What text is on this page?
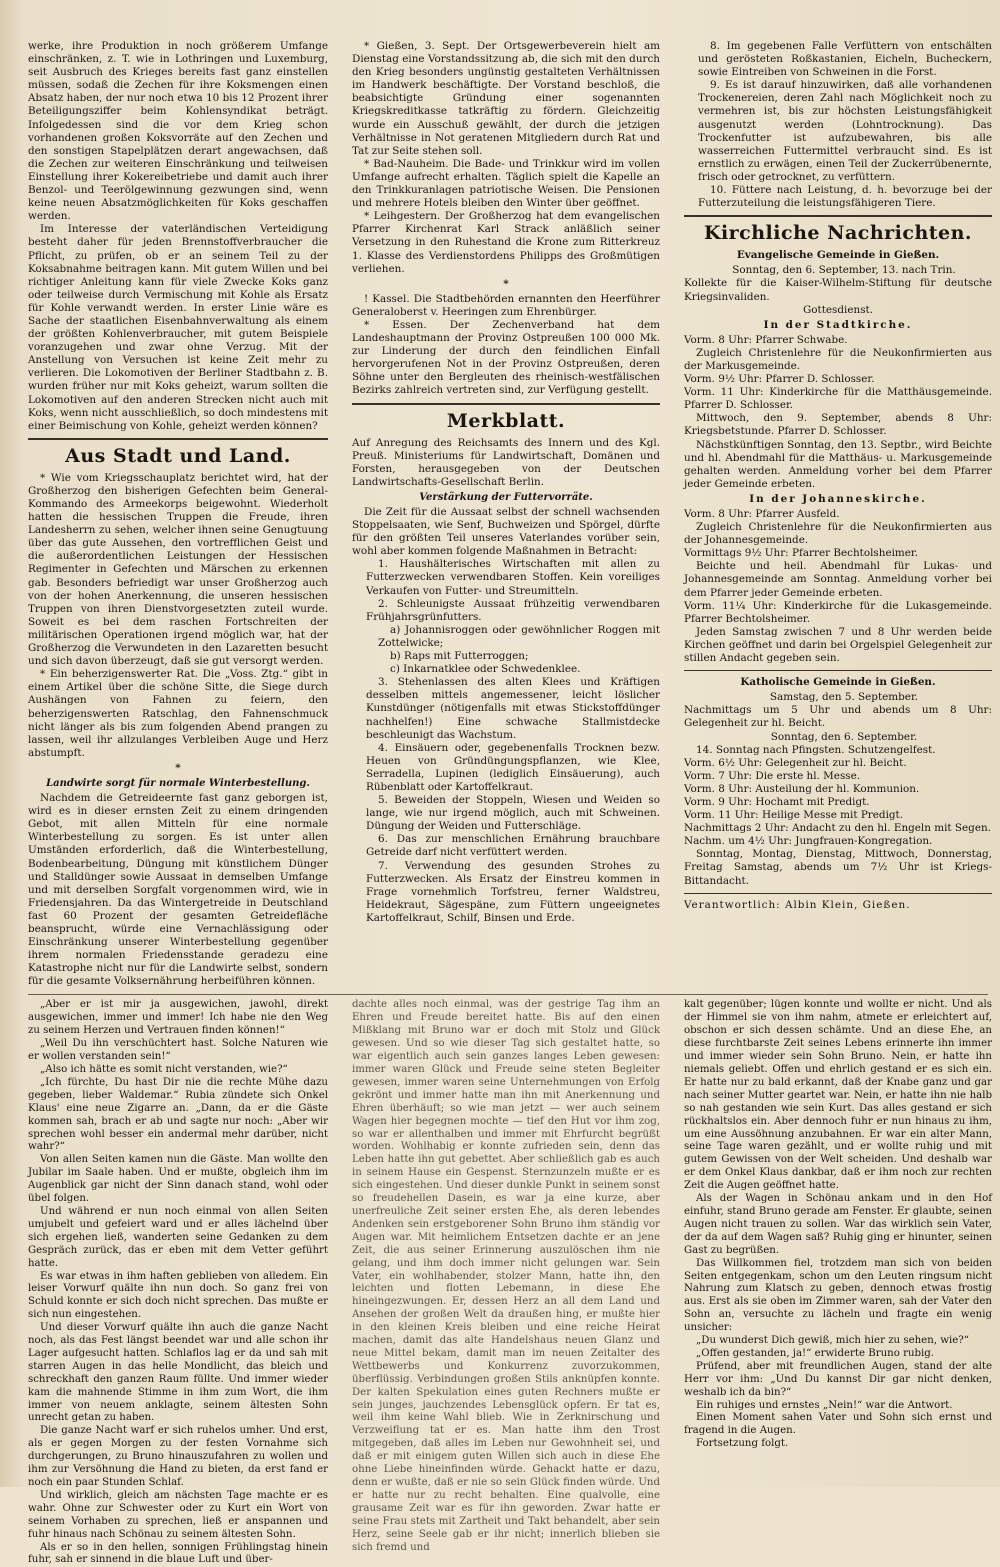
werke, ihre Produktion in noch größerem Umfange einschränken, z. T. wie in Lothringen und Luxemburg, seit Ausbruch des Krieges bereits fast ganz einstellen müssen, sodaß die Zechen für ihre Koksmengen einen Absatz haben, der nur noch etwa 10 bis 12 Prozent ihrer Beteiligungsziffer beim Kohlensyndikat beträgt. Infolgedessen sind die vor dem Krieg schon vorhandenen großen Koksvorräte auf den Zechen und den sonstigen Stapelplätzen derart angewachsen, daß die Zechen zur weiteren Einschränkung und teilweisen Einstellung ihrer Kokereibetriebe und damit auch ihrer Benzol- und Teerölgewinnung gezwungen sind, wenn keine neuen Absatzmöglichkeiten für Koks geschaffen werden.

Im Interesse der vaterländischen Verteidigung besteht daher für jeden Brennstoffverbraucher die Pflicht, zu prüfen, ob er an seinem Teil zu der Koksabnahme beitragen kann. Mit gutem Willen und bei richtiger Anleitung kann für viele Zwecke Koks ganz oder teilweise durch Vermischung mit Kohle als Ersatz für Kohle verwandt werden. In erster Linie wäre es Sache der staatlichen Eisenbahnverwaltung als einem der größten Kohlenverbraucher, mit gutem Beispiele voranzugehen und zwar ohne Verzug. Mit der Anstellung von Versuchen ist keine Zeit mehr zu verlieren. Die Lokomotiven der Berliner Stadtbahn z. B. wurden früher nur mit Koks geheizt, warum sollten die Lokomotiven auf den anderen Strecken nicht auch mit Koks, wenn nicht ausschließlich, so doch mindestens mit einer Beimischung von Kohle, geheizt werden können?

Aus Stadt und Land.

* Wie vom Kriegsschauplatz berichtet wird, hat der Großherzog den bisherigen Gefechten beim General-Kommando des Armeekorps beigewohnt. Wiederholt hatten die hessischen Truppen die Freude, ihren Landesherrn zu sehen, welcher ihnen seine Genugtuung über das gute Aussehen, den vortrefflichen Geist und die außerordentlichen Leistungen der Hessischen Regimenter in Gefechten und Märschen zu erkennen gab. Besonders befriedigt war unser Großherzog auch von der hohen Anerkennung, die unseren hessischen Truppen von ihren Dienstvorgesetzten zuteil wurde. Soweit es bei dem raschen Fortschreiten der militärischen Operationen irgend möglich war, hat der Großherzog die Verwundeten in den Lazaretten besucht und sich davon überzeugt, daß sie gut versorgt werden.

* Ein beherzigenswerter Rat. Die „Voss. Ztg.“ gibt in einem Artikel über die schöne Sitte, die Siege durch Aushängen von Fahnen zu feiern, den beherzigenswerten Ratschlag, den Fahnenschmuck nicht länger als bis zum folgenden Abend prangen zu lassen, weil ihr allzulanges Verbleiben Auge und Herz abstumpft.

*
Landwirte sorgt für normale Winterbestellung.

Nachdem die Getreideernte fast ganz geborgen ist, wird es in dieser ernsten Zeit zu einem dringenden Gebot, mit allen Mitteln für eine normale Winterbestellung zu sorgen. Es ist unter allen Umständen erforderlich, daß die Winterbestellung, Bodenbearbeitung, Düngung mit künstlichem Dünger und Stalldünger sowie Aussaat in demselben Umfange und mit derselben Sorgfalt vorgenommen wird, wie in Friedensjahren. Da das Wintergetreide in Deutschland fast 60 Prozent der gesamten Getreidefläche beansprucht, würde eine Vernachlässigung oder Einschränkung unserer Winterbestellung gegenüber ihrem normalen Friedensstande geradezu eine Katastrophe nicht nur für die Landwirte selbst, sondern für die gesamte Volksernährung herbeiführen können.

* Gießen, 3. Sept. Der Ortsgewerbeverein hielt am Dienstag eine Vorstandssitzung ab, die sich mit den durch den Krieg besonders ungünstig gestalteten Verhältnissen im Handwerk beschäftigte. Der Vorstand beschloß, die beabsichtigte Gründung einer sogenannten Kriegskreditkasse tatkräftig zu fördern. Gleichzeitig wurde ein Ausschuß gewählt, der durch die jetzigen Verhältnisse in Not geratenen Mitgliedern durch Rat und Tat zur Seite stehen soll.

* Bad-Nauheim. Die Bade- und Trinkkur wird im vollen Umfange aufrecht erhalten. Täglich spielt die Kapelle an den Trinkkuranlagen patriotische Weisen. Die Pensionen und mehrere Hotels bleiben den Winter über geöffnet.

* Leihgestern. Der Großherzog hat dem evangelischen Pfarrer Kirchenrat Karl Strack anläßlich seiner Versetzung in den Ruhestand die Krone zum Ritterkreuz 1. Klasse des Verdienstordens Philipps des Großmütigen verliehen.

*

! Kassel. Die Stadtbehörden ernannten den Heerführer Generaloberst v. Heeringen zum Ehrenbürger.

* Essen. Der Zechenverband hat dem Landeshauptmann der Provinz Ostpreußen 100 000 Mk. zur Linderung der durch den feindlichen Einfall hervorgerufenen Not in der Provinz Ostpreußen, deren Söhne unter den Bergleuten des rheinisch-westfälischen Bezirks zahlreich vertreten sind, zur Verfügung gestellt.

Merkblatt.

Auf Anregung des Reichsamts des Innern und des Kgl. Preuß. Ministeriums für Landwirtschaft, Domänen und Forsten, herausgegeben von der Deutschen Landwirtschafts-Gesellschaft Berlin.

Verstärkung der Futtervorräte.

Die Zeit für die Aussaat selbst der schnell wachsenden Stoppelsaaten, wie Senf, Buchweizen und Spörgel, dürfte für den größten Teil unseres Vaterlandes vorüber sein, wohl aber kommen folgende Maßnahmen in Betracht:

1. Haushälterisches Wirtschaften mit allen zu Futterzwecken verwendbaren Stoffen. Kein voreiliges Verkaufen von Futter- und Streumitteln.

2. Schleunigste Aussaat frühzeitig verwendbaren Frühjahrsgrünfutters.

a) Johannisroggen oder gewöhnlicher Roggen mit Zottelwicke;

b) Raps mit Futterroggen;

c) Inkarnatklee oder Schwedenklee.

3. Stehenlassen des alten Klees und Kräftigen desselben mittels angemessener, leicht löslicher Kunstdünger (nötigenfalls mit etwas Stickstoffdünger nachhelfen!) Eine schwache Stallmistdecke beschleunigt das Wachstum.

4. Einsäuern oder, gegebenenfalls Trocknen bezw. Heuen von Gründüngungspflanzen, wie Klee, Serradella, Lupinen (lediglich Einsäuerung), auch Rübenblatt oder Kartoffelkraut.

5. Beweiden der Stoppeln, Wiesen und Weiden so lange, wie nur irgend möglich, auch mit Schweinen. Düngung der Weiden und Futterschläge.

6. Das zur menschlichen Ernährung brauchbare Getreide darf nicht verfüttert werden.

7. Verwendung des gesunden Strohes zu Futterzwecken. Als Ersatz der Einstreu kommen in Frage vornehmlich Torfstreu, ferner Waldstreu, Heidekraut, Sägespäne, zum Füttern ungeeignetes Kartoffelkraut, Schilf, Binsen und Erde.

8. Im gegebenen Falle Verfüttern von entschälten und gerösteten Roßkastanien, Eicheln, Bucheckern, sowie Eintreiben von Schweinen in die Forst.

9. Es ist darauf hinzuwirken, daß alle vorhandenen Trockenereien, deren Zahl nach Möglichkeit noch zu vermehren ist, bis zur höchsten Leistungsfähigkeit ausgenutzt werden (Lohntrocknung). Das Trockenfutter ist aufzubewahren, bis alle wasserreichen Futtermittel verbraucht sind. Es ist ernstlich zu erwägen, einen Teil der Zuckerrübenernte, frisch oder getrocknet, zu verfüttern.

10. Füttere nach Leistung, d. h. bevorzuge bei der Futterzuteilung die leistungsfähigeren Tiere.

Kirchliche Nachrichten.
Evangelische Gemeinde in Gießen.

Sonntag, den 6. September, 13. nach Trin.

Kollekte für die Kaiser-Wilhelm-Stiftung für deutsche Kriegsinvaliden.

Gottesdienst.
In der Stadtkirche.

Vorm. 8 Uhr: Pfarrer Schwabe.

Zugleich Christenlehre für die Neukonfirmierten aus der Markusgemeinde.

Vorm. 9½ Uhr: Pfarrer D. Schlosser.

Vorm. 11 Uhr: Kinderkirche für die Matthäusgemeinde. Pfarrer D. Schlosser.

Mittwoch, den 9. September, abends 8 Uhr: Kriegsbetstunde. Pfarrer D. Schlosser.

Nächstkünftigen Sonntag, den 13. Septbr., wird Beichte und hl. Abendmahl für die Matthäus- u. Markusgemeinde gehalten werden. Anmeldung vorher bei dem Pfarrer jeder Gemeinde erbeten.

In der Johanneskirche.

Vorm. 8 Uhr: Pfarrer Ausfeld.

Zugleich Christenlehre für die Neukonfirmierten aus der Johannesgemeinde.

Vormittags 9½ Uhr: Pfarrer Bechtolsheimer.

Beichte und heil. Abendmahl für Lukas- und Johannesgemeinde am Sonntag. Anmeldung vorher bei dem Pfarrer jeder Gemeinde erbeten.

Vorm. 11¼ Uhr: Kinderkirche für die Lukasgemeinde. Pfarrer Bechtolsheimer.

Jeden Samstag zwischen 7 und 8 Uhr werden beide Kirchen geöffnet und darin bei Orgelspiel Gelegenheit zur stillen Andacht gegeben sein.

Katholische Gemeinde in Gießen.

Samstag, den 5. September.

Nachmittags um 5 Uhr und abends um 8 Uhr: Gelegenheit zur hl. Beicht.

Sonntag, den 6. September.

14. Sonntag nach Pfingsten. Schutzengelfest.

Vorm. 6½ Uhr: Gelegenheit zur hl. Beicht.

Vorm. 7 Uhr: Die erste hl. Messe.

Vorm. 8 Uhr: Austeilung der hl. Kommunion.

Vorm. 9 Uhr: Hochamt mit Predigt.

Vorm. 11 Uhr: Heilige Messe mit Predigt.

Nachmittags 2 Uhr: Andacht zu den hl. Engeln mit Segen.

Nachm. um 4½ Uhr: Jungfrauen-Kongregation.

Sonntag, Montag, Dienstag, Mittwoch, Donnerstag, Freitag Samstag, abends um 7½ Uhr ist Kriegs-Bittandacht.

Verantwortlich: Albin Klein, Gießen.

„Aber er ist mir ja ausgewichen, jawohl, direkt ausgewichen, immer und immer! Ich habe nie den Weg zu seinem Herzen und Vertrauen finden können!“

„Weil Du ihn verschüchtert hast. Solche Naturen wie er wollen verstanden sein!“

„Also ich hätte es somit nicht verstanden, wie?“

„Ich fürchte, Du hast Dir nie die rechte Mühe dazu gegeben, lieber Waldemar.“ Rubia zündete sich Onkel Klaus' eine neue Zigarre an. „Dann, da er die Gäste kommen sah, brach er ab und sagte nur noch: „Aber wir sprechen wohl besser ein andermal mehr darüber, nicht wahr?“

Von allen Seiten kamen nun die Gäste. Man wollte den Jubilar im Saale haben. Und er mußte, obgleich ihm im Augenblick gar nicht der Sinn danach stand, wohl oder übel folgen.

Und während er nun noch einmal von allen Seiten umjubelt und gefeiert ward und er alles lächelnd über sich ergehen ließ, wanderten seine Gedanken zu dem Gespräch zurück, das er eben mit dem Vetter geführt hatte.

Es war etwas in ihm haften geblieben von alledem. Ein leiser Vorwurf quälte ihn nun doch. So ganz frei von Schuld konnte er sich doch nicht sprechen. Das mußte er sich nun eingestehen.

Und dieser Vorwurf quälte ihn auch die ganze Nacht noch, als das Fest längst beendet war und alle schon ihr Lager aufgesucht hatten. Schlaflos lag er da und sah mit starren Augen in das helle Mondlicht, das bleich und schreckhaft den ganzen Raum füllte. Und immer wieder kam die mahnende Stimme in ihm zum Wort, die ihm immer von neuem anklagte, seinem ältesten Sohn unrecht getan zu haben.

Die ganze Nacht warf er sich ruhelos umher. Und erst, als er gegen Morgen zu der festen Vornahme sich durchgerungen, zu Bruno hinauszufahren zu wollen und ihm zur Versöhnung die Hand zu bieten, da erst fand er noch ein paar Stunden Schlaf.

Und wirklich, gleich am nächsten Tage machte er es wahr. Ohne zur Schwester oder zu Kurt ein Wort von seinem Vorhaben zu sprechen, ließ er anspannen und fuhr hinaus nach Schönau zu seinem ältesten Sohn.

Als er so in den hellen, sonnigen Frühlingstag hinein fuhr, sah er sinnend in die blaue Luft und über-

dachte alles noch einmal, was der gestrige Tag ihm an Ehren und Freude bereitet hatte. Bis auf den einen Mißklang mit Bruno war er doch mit Stolz und Glück gewesen. Und so wie dieser Tag sich gestaltet hatte, so war eigentlich auch sein ganzes langes Leben gewesen: immer waren Glück und Freude seine steten Begleiter gewesen, immer waren seine Unternehmungen von Erfolg gekrönt und immer hatte man ihn mit Anerkennung und Ehren überhäuft; so wie man jetzt — wer auch seinem Wagen hier begegnen mochte — tief den Hut vor ihm zog, so war er allenthalben und immer mit Ehrfurcht begrüßt worden. Wohlhabig er konnte zufrieden sein, denn das Leben hatte ihn gut gebettet. Aber schließlich gab es auch in seinem Hause ein Gespenst. Sternzunzeln mußte er es sich eingestehen. Und dieser dunkle Punkt in seinem sonst so freudehellen Dasein, es war ja eine kurze, aber unerfreuliche Zeit seiner ersten Ehe, als deren lebendes Andenken sein erstgeborener Sohn Bruno ihm ständig vor Augen war. Mit heimlichem Entsetzen dachte er an jene Zeit, die aus seiner Erinnerung auszulöschen ihm nie gelang, und ihm doch immer nicht gelungen war. Sein Vater, ein wohlhabender, stolzer Mann, hatte ihn, den leichten und flotten Lebemann, in diese Ehe hineingezwungen. Er, dessen Herz an all dem Land und Ansehen der großen Welt da draußen hing, er mußte hier in den kleinen Kreis bleiben und eine reiche Heirat machen, damit das alte Handelshaus neuen Glanz und neue Mittel bekam, damit man im neuen Zeitalter des Wettbewerbs und Konkurrenz zuvorzukommen, überflüssig. Verbindungen großen Stils anknüpfen konnte. Der kalten Spekulation eines guten Rechners mußte er sein junges, jauchzendes Lebensglück opfern. Er tat es, weil ihm keine Wahl blieb. Wie in Zerknirschung und Verzweiflung tat er es. Man hatte ihm den Trost mitgegeben, daß alles im Leben nur Gewohnheit sei, und daß er mit einigem guten Willen sich auch in diese Ehe ohne Liebe hineinfinden würde. Gehackt hatte er dazu, denn er wußte, daß er nie so sein Glück finden würde. Und er hatte nur zu recht behalten. Eine qualvolle, eine grausame Zeit war es für ihn geworden. Zwar hatte er seine Frau stets mit Zartheit und Takt behandelt, aber sein Herz, seine Seele gab er ihr nicht; innerlich blieben sie sich fremd und

kalt gegenüber; lügen konnte und wollte er nicht. Und als der Himmel sie von ihm nahm, atmete er erleichtert auf, obschon er sich dessen schämte. Und an diese Ehe, an diese furchtbarste Zeit seines Lebens erinnerte ihn immer und immer wieder sein Sohn Bruno. Nein, er hatte ihn niemals geliebt. Offen und ehrlich gestand er es sich ein. Er hatte nur zu bald erkannt, daß der Knabe ganz und gar nach seiner Mutter geartet war. Nein, er hatte ihn nie halb so nah gestanden wie sein Kurt. Das alles gestand er sich rückhaltslos ein. Aber dennoch fuhr er nun hinaus zu ihm, um eine Aussöhnung anzubahnen. Er war ein alter Mann, seine Tage waren gezählt, und er wollte ruhig und mit gutem Gewissen von der Welt scheiden. Und deshalb war er dem Onkel Klaus dankbar, daß er ihm noch zur rechten Zeit die Augen geöffnet hatte.

Als der Wagen in Schönau ankam und in den Hof einfuhr, stand Bruno gerade am Fenster. Er glaubte, seinen Augen nicht trauen zu sollen. War das wirklich sein Vater, der da auf dem Wagen saß? Ruhig ging er hinunter, seinen Gast zu begrüßen.

Das Willkommen fiel, trotzdem man sich von beiden Seiten entgegenkam, schon um den Leuten ringsum nicht Nahrung zum Klatsch zu geben, dennoch etwas frostig aus. Erst als sie oben im Zimmer waren, sah der Vater den Sohn an, versuchte zu lächeln und fragte ein wenig unsicher:

„Du wunderst Dich gewiß, mich hier zu sehen, wie?“

„Offen gestanden, ja!“ erwiderte Bruno rubig.

Prüfend, aber mit freundlichen Augen, stand der alte Herr vor ihm: „Und Du kannst Dir gar nicht denken, weshalb ich da bin?“

Ein ruhiges und ernstes „Nein!“ war die Antwort.

Einen Moment sahen Vater und Sohn sich ernst und fragend in die Augen.

Fortsetzung folgt.
